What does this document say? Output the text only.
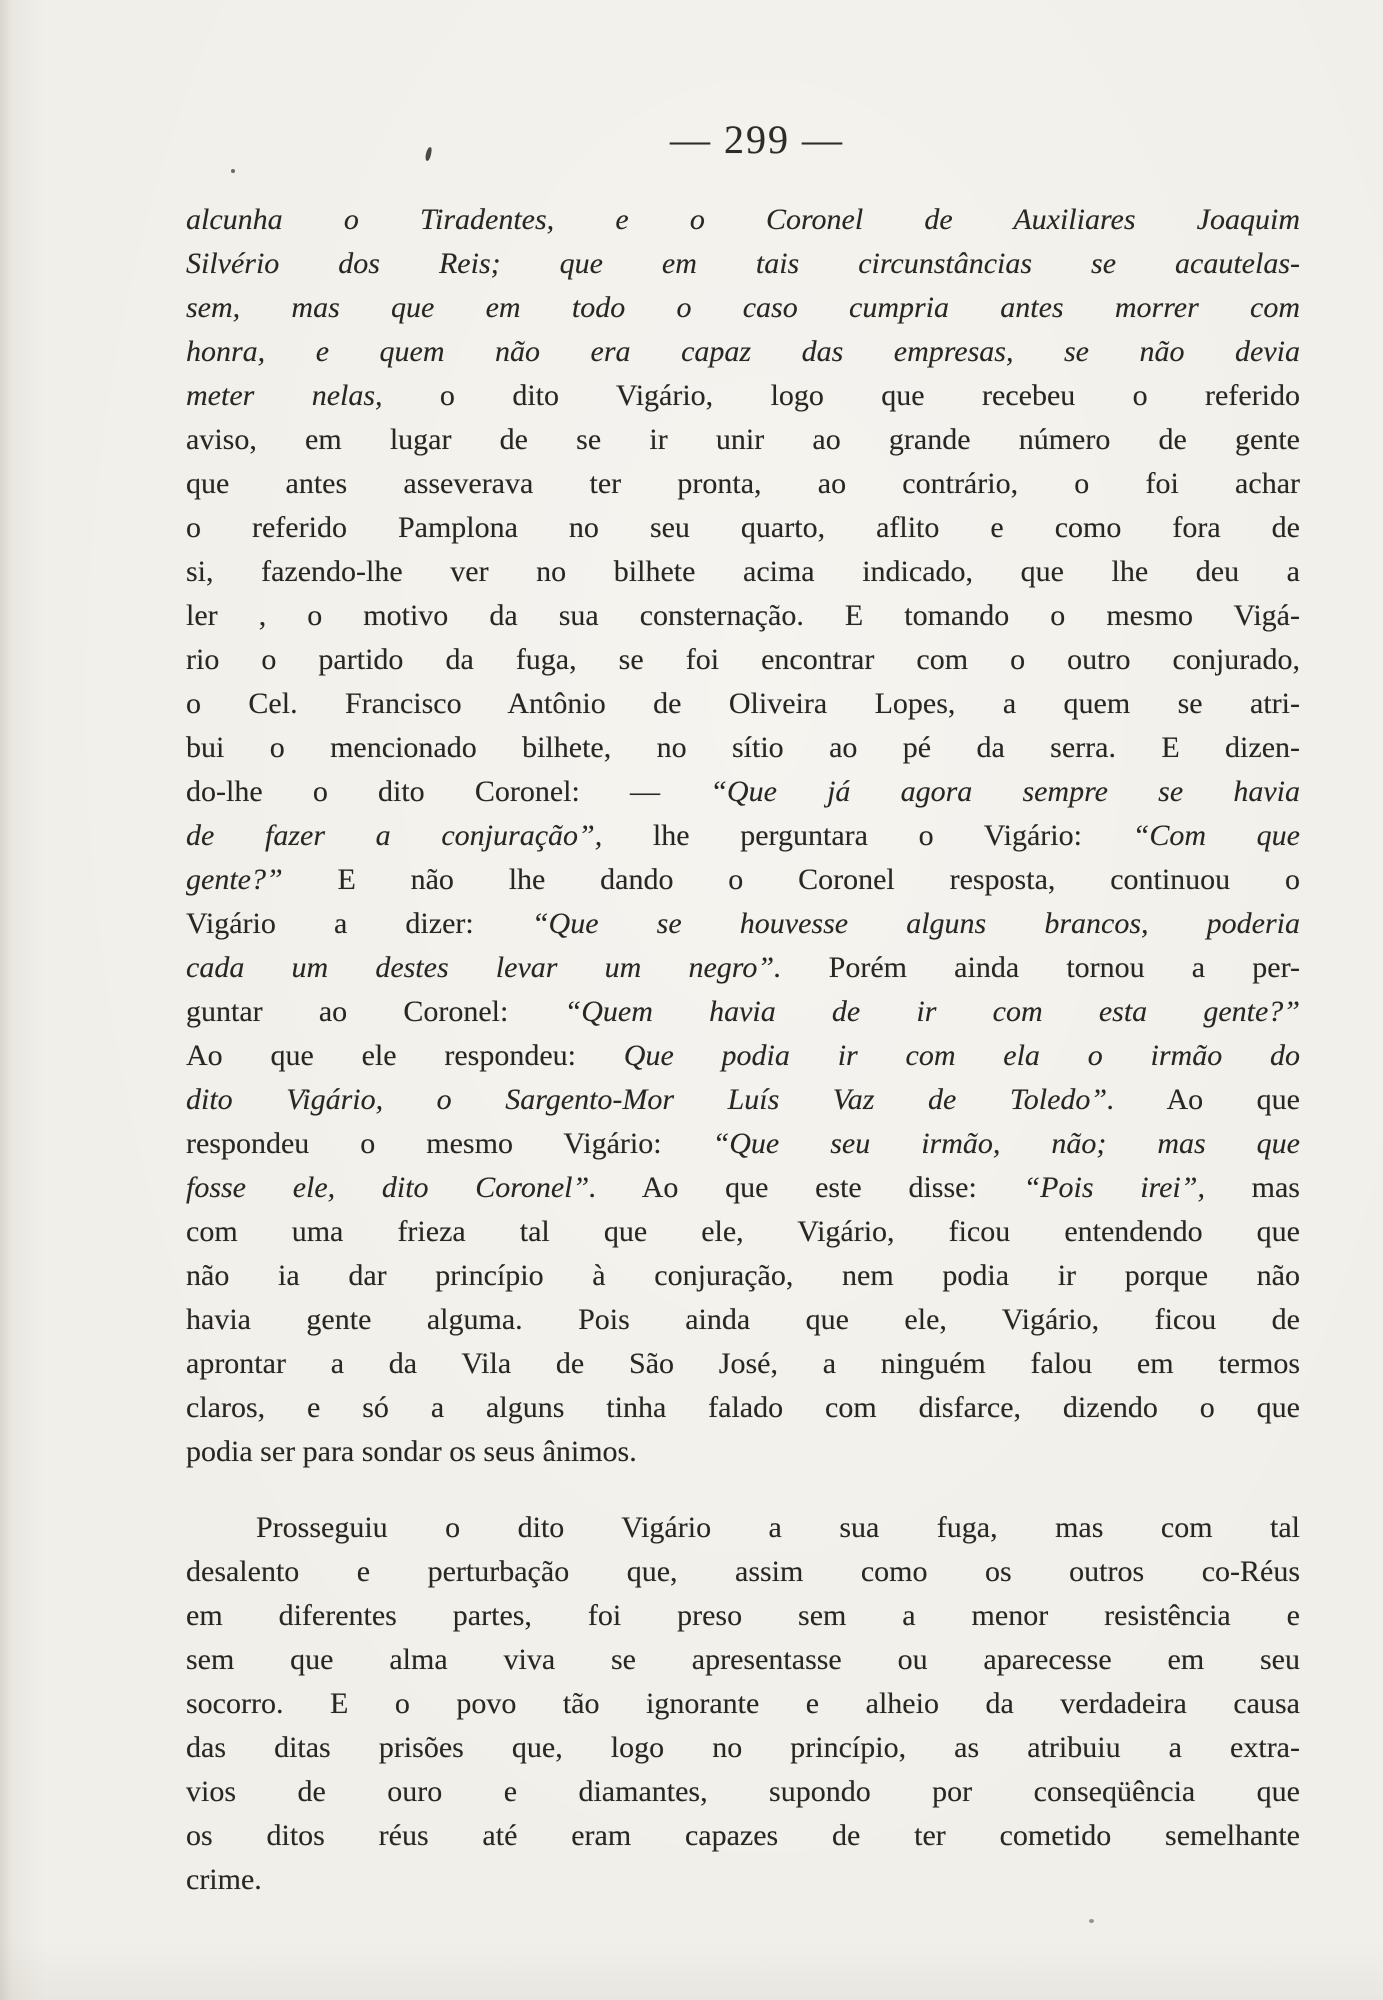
— 299 —
alcunha o Tiradentes, e o Coronel de Auxiliares Joaquim
Silvério dos Reis; que em tais circunstâncias se acautelas-
sem, mas que em todo o caso cumpria antes morrer com
honra, e quem não era capaz das empresas, se não devia
meter nelas, o dito Vigário, logo que recebeu o referido
aviso, em lugar de se ir unir ao grande número de gente
que antes asseverava ter pronta, ao contrário, o foi achar
o referido Pamplona no seu quarto, aflito e como fora de
si, fazendo-lhe ver no bilhete acima indicado, que lhe deu a
ler , o motivo da sua consternação. E tomando o mesmo Vigá-
rio o partido da fuga, se foi encontrar com o outro conjurado,
o Cel. Francisco Antônio de Oliveira Lopes, a quem se atri-
bui o mencionado bilhete, no sítio ao pé da serra. E dizen-
do-lhe o dito Coronel: — “Que já agora sempre se havia
de fazer a conjuração”, lhe perguntara o Vigário: “Com que
gente?” E não lhe dando o Coronel resposta, continuou o
Vigário a dizer: “Que se houvesse alguns brancos, poderia
cada um destes levar um negro”. Porém ainda tornou a per-
guntar ao Coronel: “Quem havia de ir com esta gente?”
Ao que ele respondeu: Que podia ir com ela o irmão do
dito Vigário, o Sargento-Mor Luís Vaz de Toledo”. Ao que
respondeu o mesmo Vigário: “Que seu irmão, não; mas que
fosse ele, dito Coronel”. Ao que este disse: “Pois irei”, mas
com uma frieza tal que ele, Vigário, ficou entendendo que
não ia dar princípio à conjuração, nem podia ir porque não
havia gente alguma. Pois ainda que ele, Vigário, ficou de
aprontar a da Vila de São José, a ninguém falou em termos
claros, e só a alguns tinha falado com disfarce, dizendo o que
podia ser para sondar os seus ânimos.
Prosseguiu o dito Vigário a sua fuga, mas com tal
desalento e perturbação que, assim como os outros co-Réus
em diferentes partes, foi preso sem a menor resistência e
sem que alma viva se apresentasse ou aparecesse em seu
socorro. E o povo tão ignorante e alheio da verdadeira causa
das ditas prisões que, logo no princípio, as atribuiu a extra-
vios de ouro e diamantes, supondo por conseqüência que
os ditos réus até eram capazes de ter cometido semelhante
crime.
